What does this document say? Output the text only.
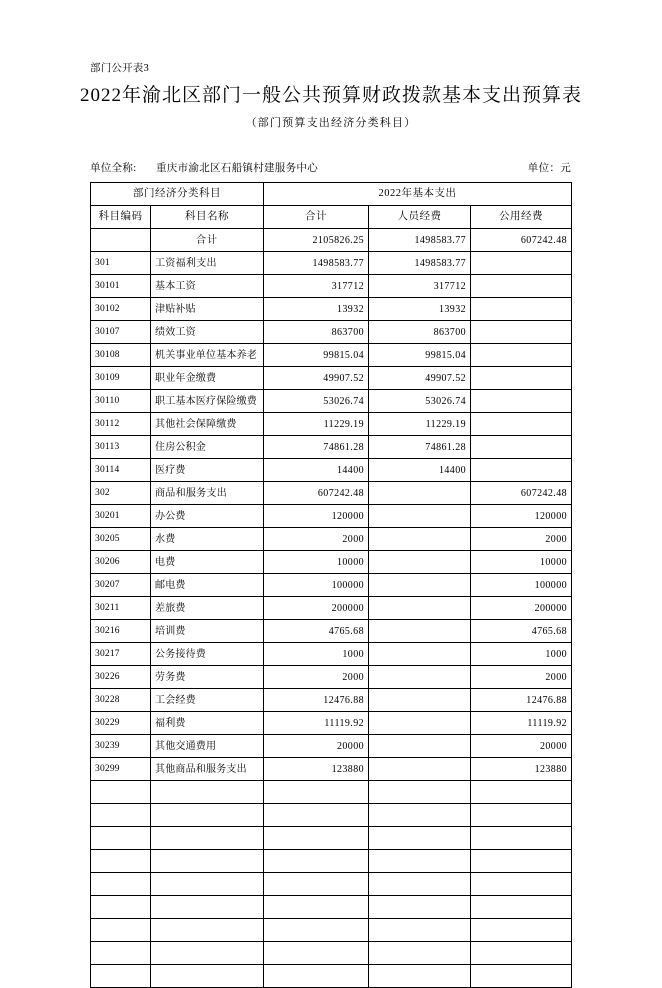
部门公开表3
2022年渝北区部门一般公共预算财政拨款基本支出预算表
（部门预算支出经济分类科目）
单位全称: 重庆市渝北区石船镇村建服务中心	单位：元
部门经济分类科目		2022年基本支出		
科目编码	科目名称	合计	人员经费	公用经费
	合计	2105826.25	1498583.77	607242.48
301	工资福利支出	1498583.77	1498583.77	
30101	基本工资	317712	317712	
30102	津贴补贴	13932	13932	
30107	绩效工资	863700	863700	
30108	机关事业单位基本养老	99815.04	99815.04	
30109	职业年金缴费	49907.52	49907.52	
30110	职工基本医疗保险缴费	53026.74	53026.74	
30112	其他社会保障缴费	11229.19	11229.19	
30113	住房公积金	74861.28	74861.28	
30114	医疗费	14400	14400	
302	商品和服务支出	607242.48		607242.48
30201	办公费	120000		120000
30205	水费	2000		2000
30206	电费	10000		10000
30207	邮电费	100000		100000
30211	差旅费	200000		200000
30216	培训费	4765.68		4765.68
30217	公务接待费	1000		1000
30226	劳务费	2000		2000
30228	工会经费	12476.88		12476.88
30229	福利费	11119.92		11119.92
30239	其他交通费用	20000		20000
30299	其他商品和服务支出	123880		123880
